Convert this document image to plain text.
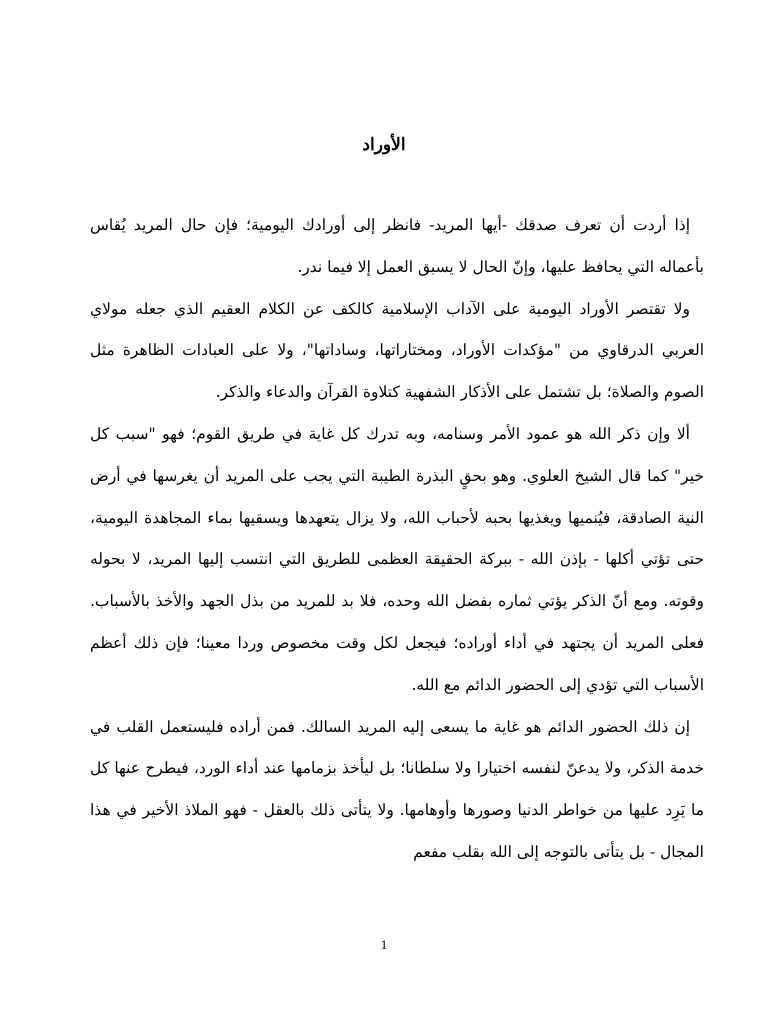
الأوراد

إذا أردت أن تعرف صدقك -أيها المريد- فانظر إلى أورادك اليومية؛ فإن حال المريد يُقاس بأعماله التي يحافظ عليها، وإنّ الحال لا يسبق العمل إلا فيما ندر.

ولا تقتصر الأوراد اليومية على الآداب الإسلامية كالكف عن الكلام العقيم الذي جعله مولاي العربي الدرقاوي من "مؤكدات الأوراد، ومختاراتها، وساداتها"، ولا على العبادات الظاهرة مثل الصوم والصلاة؛ بل تشتمل على الأذكار الشفهية كتلاوة القرآن والدعاء والذكر.

ألا وإن ذكر الله هو عمود الأمر وسنامه، وبه تدرك كل غاية في طريق القوم؛ فهو "سبب كل خير" كما قال الشيخ العلوي. وهو بحقٍ البذرة الطيبة التي يجب على المريد أن يغرسها في أرض النية الصادقة، فيُنميها ويغذيها بحبه لأحباب الله، ولا يزال يتعهدها ويسقيها بماء المجاهدة اليومية، حتى تؤتي أكلها - بإذن الله - ببركة الحقيقة العظمى للطريق التي انتسب إليها المريد، لا بحوله وقوته. ومع أنّ الذكر يؤتي ثماره بفضل الله وحده، فلا بد للمريد من بذل الجهد والأخذ بالأسباب. فعلى المريد أن يجتهد في أداء أوراده؛ فيجعل لكل وقت مخصوص وردا معينا؛ فإن ذلك أعظم الأسباب التي تؤدي إلى الحضور الدائم مع الله.

إن ذلك الحضور الدائم هو غاية ما يسعى إليه المريد السالك. فمن أراده فليستعمل القلب في خدمة الذكر، ولا يدعنّ لنفسه اختيارا ولا سلطانا؛ بل ليأخذ بزمامها عند أداء الورد، فيطرح عنها كل ما يَرِد عليها من خواطر الدنيا وصورها وأوهامها. ولا يتأتى ذلك بالعقل - فهو الملاذ الأخير في هذا المجال - بل يتأتى بالتوجه إلى الله بقلب مفعم

1
